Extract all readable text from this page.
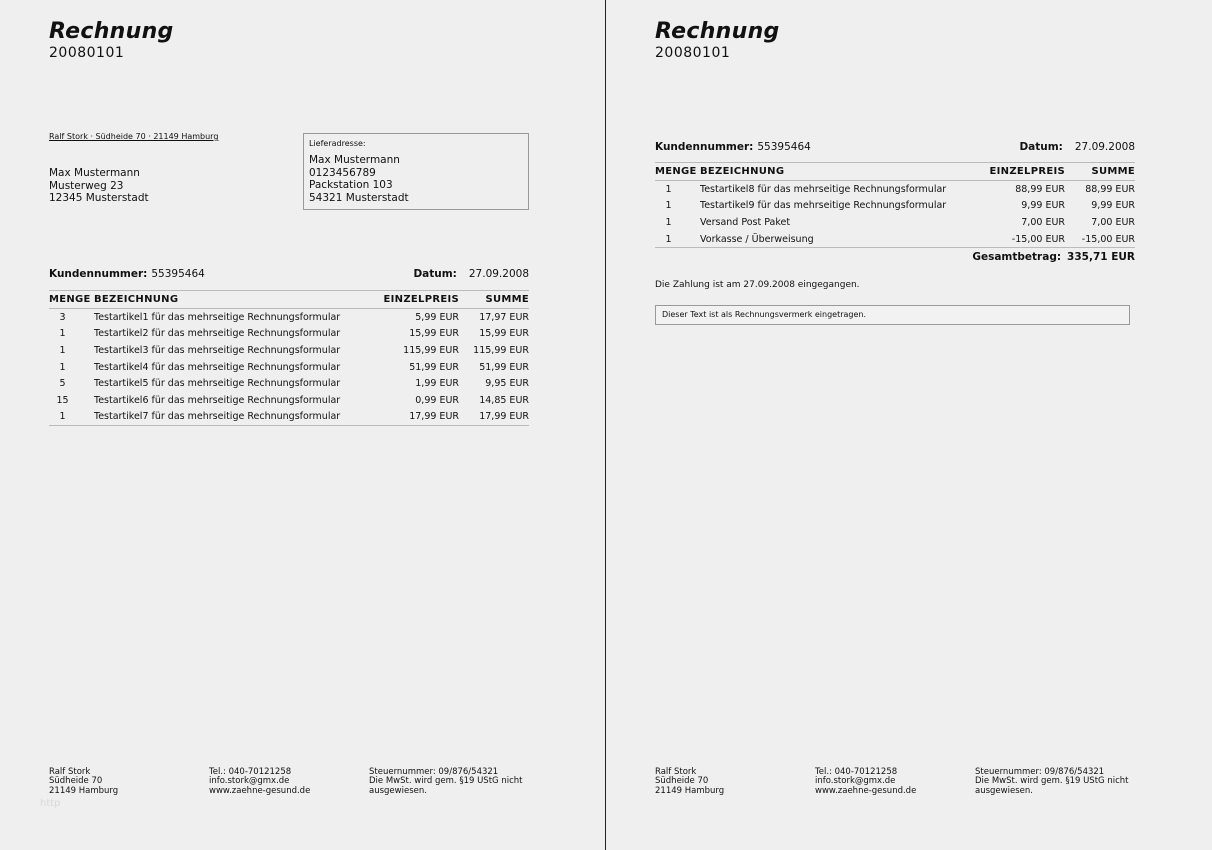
Rechnung
20080101
Ralf Stork · Südheide 70 · 21149 Hamburg
Max Mustermann
Musterweg 23
12345 Musterstadt
Lieferadresse:
Max Mustermann
0123456789
Packstation 103
54321 Musterstadt
Kundennummer: 55395464	Datum: 27.09.2008
MENGE	BEZEICHNUNG	EINZELPREIS	SUMME
3	Testartikel1 für das mehrseitige Rechnungsformular	5,99 EUR	17,97 EUR
1	Testartikel2 für das mehrseitige Rechnungsformular	15,99 EUR	15,99 EUR
1	Testartikel3 für das mehrseitige Rechnungsformular	115,99 EUR	115,99 EUR
1	Testartikel4 für das mehrseitige Rechnungsformular	51,99 EUR	51,99 EUR
5	Testartikel5 für das mehrseitige Rechnungsformular	1,99 EUR	9,95 EUR
15	Testartikel6 für das mehrseitige Rechnungsformular	0,99 EUR	14,85 EUR
1	Testartikel7 für das mehrseitige Rechnungsformular	17,99 EUR	17,99 EUR
Ralf Stork
Südheide 70
21149 Hamburg
Tel.: 040-70121258
info.stork@gmx.de
www.zaehne-gesund.de
Steuernummer: 09/876/54321
Die MwSt. wird gem. §19 UStG nicht
ausgewiesen.
http
Rechnung
20080101
Kundennummer: 55395464	Datum: 27.09.2008
MENGE	BEZEICHNUNG	EINZELPREIS	SUMME
1	Testartikel8 für das mehrseitige Rechnungsformular	88,99 EUR	88,99 EUR
1	Testartikel9 für das mehrseitige Rechnungsformular	9,99 EUR	9,99 EUR
1	Versand Post Paket	7,00 EUR	7,00 EUR
1	Vorkasse / Überweisung	-15,00 EUR	-15,00 EUR
Gesamtbetrag: 335,71 EUR
Die Zahlung ist am 27.09.2008 eingegangen.
Dieser Text ist als Rechnungsvermerk eingetragen.
Ralf Stork
Südheide 70
21149 Hamburg
Tel.: 040-70121258
info.stork@gmx.de
www.zaehne-gesund.de
Steuernummer: 09/876/54321
Die MwSt. wird gem. §19 UStG nicht
ausgewiesen.
